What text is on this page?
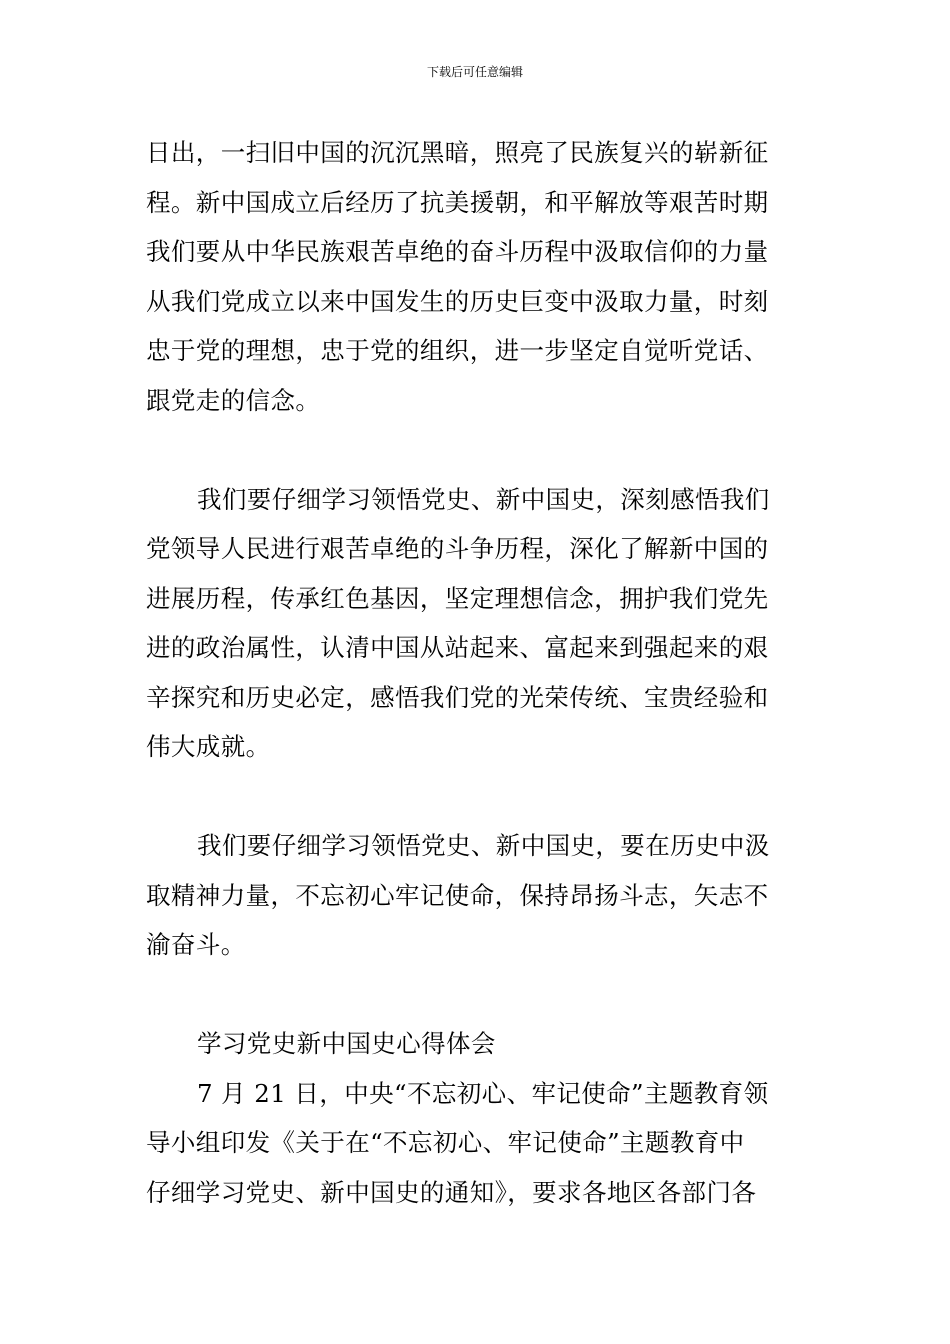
下载后可任意编辑
日出，一扫旧中国的沉沉黑暗，照亮了民族复兴的崭新征
程。新中国成立后经历了抗美援朝，和平解放等艰苦时期
我们要从中华民族艰苦卓绝的奋斗历程中汲取信仰的力量
从我们党成立以来中国发生的历史巨变中汲取力量，时刻
忠于党的理想，忠于党的组织，进一步坚定自觉听党话、
跟党走的信念。
我们要仔细学习领悟党史、新中国史，深刻感悟我们
党领导人民进行艰苦卓绝的斗争历程，深化了解新中国的
进展历程，传承红色基因，坚定理想信念，拥护我们党先
进的政治属性，认清中国从站起来、富起来到强起来的艰
辛探究和历史必定，感悟我们党的光荣传统、宝贵经验和
伟大成就。
我们要仔细学习领悟党史、新中国史，要在历史中汲
取精神力量，不忘初心牢记使命，保持昂扬斗志，矢志不
渝奋斗。
学习党史新中国史心得体会
7 月 21 日，中央“不忘初心、牢记使命”主题教育领
导小组印发《关于在“不忘初心、牢记使命”主题教育中
仔细学习党史、新中国史的通知》，要求各地区各部门各
